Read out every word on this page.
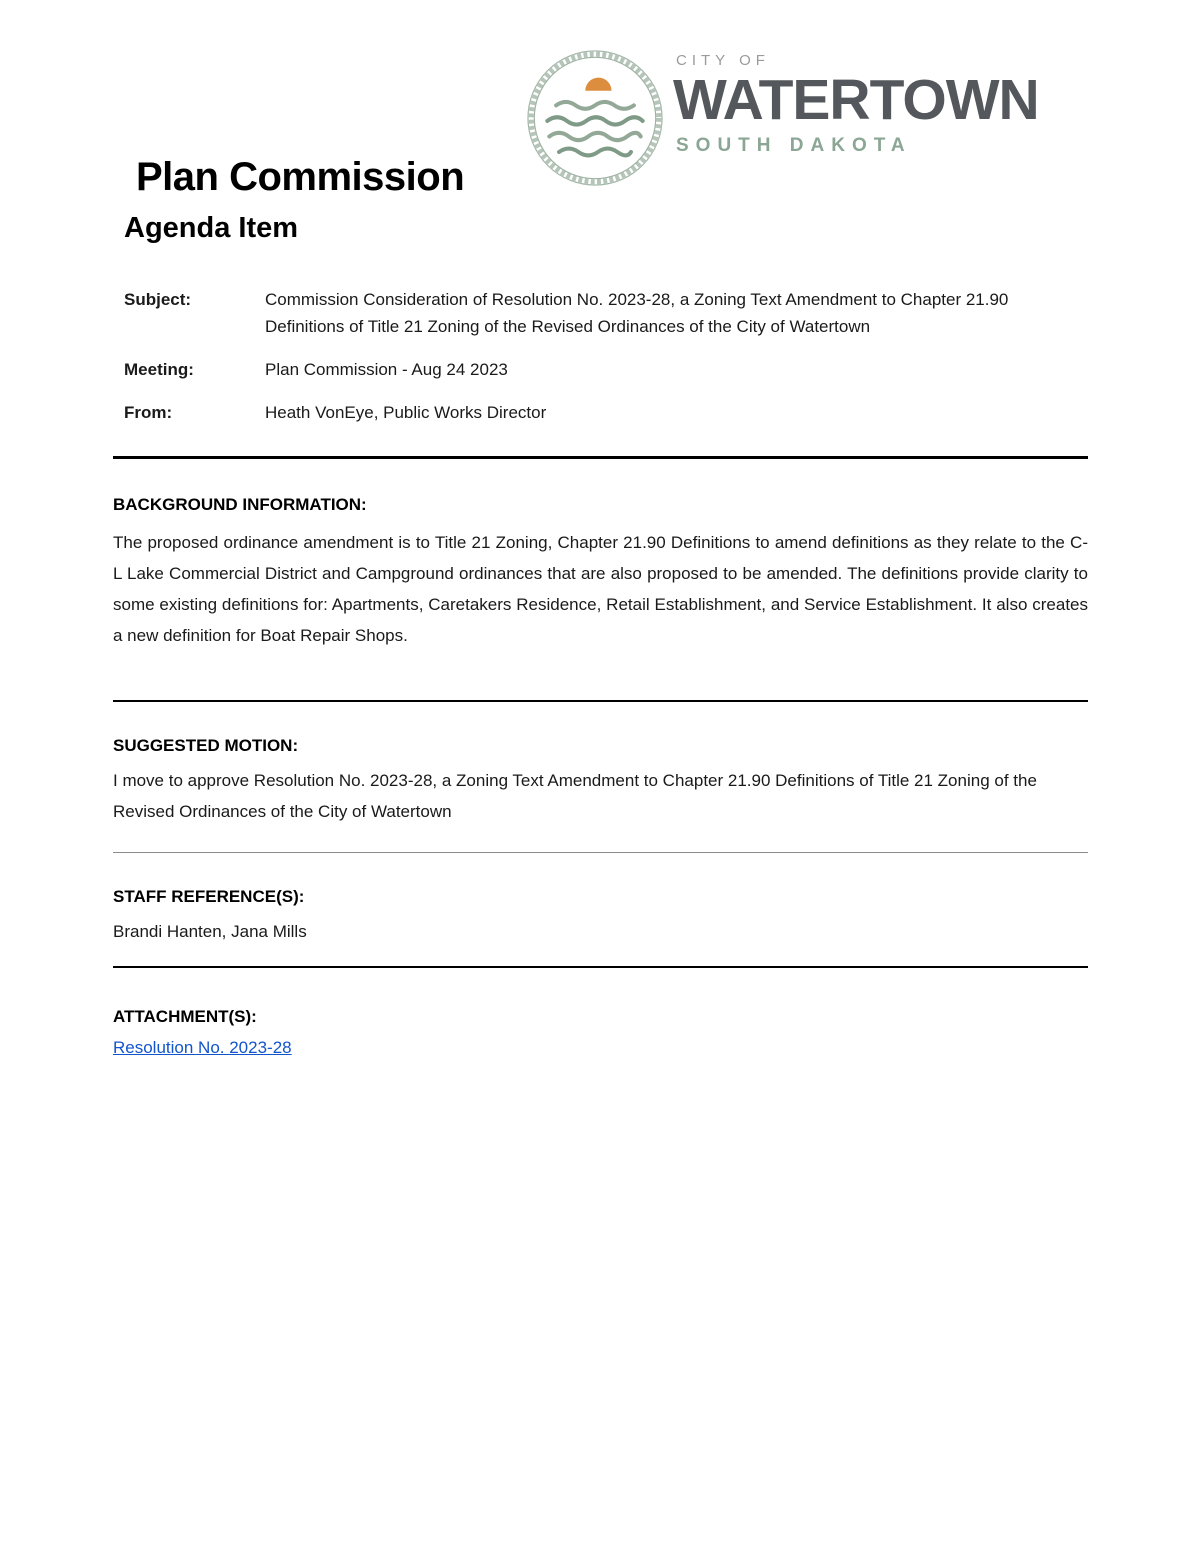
CITY OF
WATERTOWN
SOUTH DAKOTA
Plan Commission
Agenda Item
Subject:	Commission Consideration of Resolution No. 2023-28, a Zoning Text Amendment to Chapter 21.90 Definitions of Title 21 Zoning of the Revised Ordinances of the City of Watertown
Meeting:	Plan Commission - Aug 24 2023
From:	Heath VonEye, Public Works Director
BACKGROUND INFORMATION:
The proposed ordinance amendment is to Title 21 Zoning, Chapter 21.90 Definitions to amend definitions as they relate to the C-L Lake Commercial District and Campground ordinances that are also proposed to be amended. The definitions provide clarity to some existing definitions for: Apartments, Caretakers Residence, Retail Establishment, and Service Establishment. It also creates a new definition for Boat Repair Shops.
SUGGESTED MOTION:
I move to approve Resolution No. 2023-28, a Zoning Text Amendment to Chapter 21.90 Definitions of Title 21 Zoning of the Revised Ordinances of the City of Watertown
STAFF REFERENCE(S):
Brandi Hanten, Jana Mills
ATTACHMENT(S):
Resolution No. 2023-28
